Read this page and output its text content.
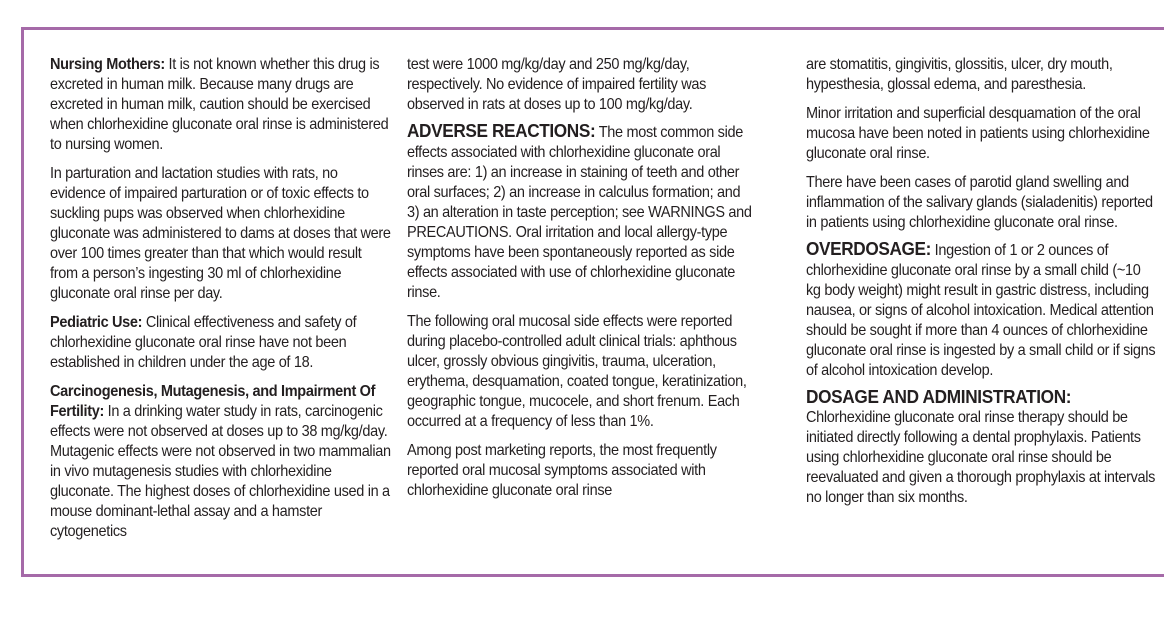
Nursing Mothers: It is not known whether this drug is excreted in human milk. Because many drugs are excreted in human milk, caution should be exercised when chlorhexidine gluconate oral rinse is administered to nursing women.

In parturation and lactation studies with rats, no evidence of impaired parturation or of toxic effects to suckling pups was observed when chlorhexidine gluconate was administered to dams at doses that were over 100 times greater than that which would result from a person’s ingesting 30 ml of chlorhexidine gluconate oral rinse per day.

Pediatric Use: Clinical effectiveness and safety of chlorhexidine gluconate oral rinse have not been established in children under the age of 18.

Carcinogenesis, Mutagenesis, and Impairment Of Fertility: In a drinking water study in rats, carcinogenic effects were not observed at doses up to 38 mg/kg/day. Mutagenic effects were not observed in two mammalian in vivo mutagenesis studies with chlorhexidine gluconate. The highest doses of chlorhexidine used in a mouse dominant-lethal assay and a hamster cytogenetics

test were 1000 mg/kg/day and 250 mg/kg/day, respectively. No evidence of impaired fertility was observed in rats at doses up to 100 mg/kg/day.

ADVERSE REACTIONS: The most common side effects associated with chlorhexidine gluconate oral rinses are: 1) an increase in staining of teeth and other oral surfaces; 2) an increase in calculus formation; and 3) an alteration in taste perception; see WARNINGS and PRECAUTIONS. Oral irritation and local allergy-type symptoms have been spontaneously reported as side effects associated with use of chlorhexidine gluconate rinse.

The following oral mucosal side effects were reported during placebo-controlled adult clinical trials: aphthous ulcer, grossly obvious gingivitis, trauma, ulceration, erythema, desquamation, coated tongue, keratinization, geographic tongue, mucocele, and short frenum. Each occurred at a frequency of less than 1%.

Among post marketing reports, the most frequently reported oral mucosal symptoms associated with chlorhexidine gluconate oral rinse

are stomatitis, gingivitis, glossitis, ulcer, dry mouth, hypesthesia, glossal edema, and paresthesia.

Minor irritation and superficial desquamation of the oral mucosa have been noted in patients using chlorhexidine gluconate oral rinse.

There have been cases of parotid gland swelling and inflammation of the salivary glands (sialadenitis) reported in patients using chlorhexidine gluconate oral rinse.

OVERDOSAGE: Ingestion of 1 or 2 ounces of chlorhexidine gluconate oral rinse by a small child (~10 kg body weight) might result in gastric distress, including nausea, or signs of alcohol intoxication. Medical attention should be sought if more than 4 ounces of chlorhexidine gluconate oral rinse is ingested by a small child or if signs of alcohol intoxication develop.

DOSAGE AND ADMINISTRATION:

Chlorhexidine gluconate oral rinse therapy should be initiated directly following a dental prophylaxis. Patients using chlorhexidine gluconate oral rinse should be reevaluated and given a thorough prophylaxis at intervals no longer than six months.
